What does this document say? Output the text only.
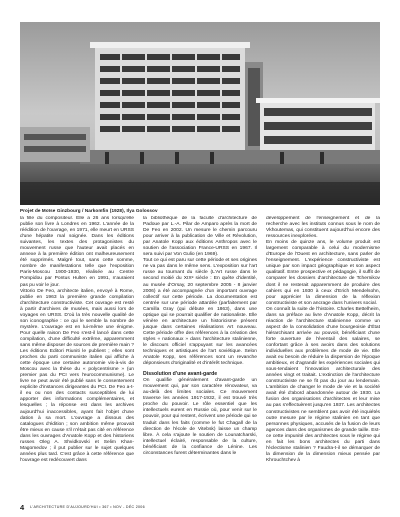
Projet de Moïse Ginzbourg / Narkomfin (1928), Ilya Golossov

la fille du compositeur. Elle a 26 ans lorsqu'elle publie son livre à Londres en 1962. L'année de la réédition de l'ouvrage, en 1971, elle meurt en URSS d'une hépatite mal soignée. Dans les éditions suivantes, les textes des protagonistes du mouvement russe que l'auteur avait placés en annexe à la première édition ont malheureusement été supprimés. Malgré tout, sans cette somme, nombre de manifestations telle que l'exposition Paris-Moscou 1900-1930, réalisée au Centre Pompidou par Pontus Hulten en 1991, n'auraient pas pu voir le jour.

Vittorio De Feo, architecte italien, envoyé à Rome, publie en 1963 la première grande compilation d'architecture constructiviste. Cet ouvrage est resté à partir d'archives de musées, mais aussi lors de voyages en URSS. D'où la très nouvelle qualité de son iconographie : ce qui le semble la nombre de mystère. L'ouvrage est en lui-même une énigme. Pour quelle raison De Feo s'est-il lancé dans cette compilation, d'une difficulté extrême, apparemment sans même disposer de sources de première main ? Les éditions Editori Riuniti le publient ; elles sont proches du parti communiste italien qui affiche à cette époque une certaine autonomie vis-à-vis de Moscou avec la thèse du « polycentrisme » (un premier pas du PCI vers l'eurocommunisme). Le livre ne peut avoir été publié sans le consentement explicite d'instances dirigeantes du PCI. De Feo a-t-il eu ou non des contacts susceptibles de lui apporter des informations complémentaires, et lesquelles ; la réponse est dans les archives aujourd'hui inaccessibles, ayant fait l'objet d'une dation à sa mort. L'ouvrage a dissous des catalogues d'édition ; son ambition même prouvait être mieux en cause s'il n'était pas cité en référence dans les ouvrages d'Anatole Kopp et des historiens russes Oleg A. Shvidkovski et Selim Khan-Magomedov ; il put publier sur le sujet quelques années plus tard. C'est grâce à cette référence que l'ouvrage est redécouvert dans

la bibliothèque de la faculté d'architecture de Padoue par L.-A. Pilar de Amparo après la mort de De Feo en 2002. Un mesure le chemin parcouru pour arriver à la publication de Ville et Révolution, par Anatole Kopp aux éditions Anthropos avec le soutien de l'association France-URSS en 1967. Il sera suivi par Von Gulio (en 1969).

Tout ce qui est paru sur cette période et ses origines ne va pas dans le même sens. L'exposition sur l'art russe au tournant du siècle (L'Art russe dans le second moitié du XIXᵉ siècle : En quête d'identité, au musée d'Orsay, 20 septembre 2005 - 8 janvier 2006) a été accompagnée d'un important ouvrage collectif sur cette période. La documentation est centrée sur une période attardée (parfaitement par Camilla Gray (qui débute en 1863), dans une optique qui se pourrait qualifier de nationaliste. Elle vénère en architecture un historicisme présent jusque dans certaines réalisations Art nouveau. Cette période offre des références à la création des styles « nationaux » dans l'architecture stalinienne, le discours officiel s'appuyant sur les avancées techniques et artistiques de l'art soviétique. Selon Anatole Kopp, ses références sont un revanche déponsieurs d'originalité et d'intérêt technique.

Dissolution d'une avant-garde

On qualifie généralement d'avant-garde un mouvement qui, par son caractère rénovateur, va au-delà des limites sociales. Ce mouvement traverse les années 1917-1932, il est trouvé très proche du pouvoir. Le rôle essentiel que les intellectuels eurent en Russie où, pour venir sur le pouvoir, pour qui restent, écrivent une période qui se traduit dans les faits (comme le fut Chagall de la direction de l'école de Vitebsk) laisse un champ libre. À cela s'ajoute le soutien de Lounatcharski, intellectuel éclairé, responsable de la culture, bénéficiant de la confiance de Lénine. Les circonstances furent déterminantes dans le

développement de l'enseignement et de la recherche avec les instituts connus sous le nom de Vkhoutemas, qui constituent aujourd'hui encore des ressources inexplorées.

En moins de quinze ans, le volume produit est largement comparable à celui du modernisme d'Europe de l'Ouest en architecture, sans parler de l'enseignement. L'expérience constructiviste est unique par son impact géographique et son aspect qualitatif. Entre prospective et pédagogie, il suffit de comparer les dossiers d'architecture de Tchernikov dont il ne resterait apparemment de produire des cahiers qui en 1930 à ceux d'Erich Mendelsohn, pour apprécier la dimension de la réflexion constructiviste et son ancrage dans l'univers social.

On connaît la suite de l'histoire. Charles Bettelheim, dans sa préface au livre d'Anatole Kopp, décrit la réaction de l'architecture stalinienne comme un aspect de la consolidation d'une bourgeoisie d'État hiérarchisant arrivée au pouvoir, bénéficiant d'une forte ouverture de l'éventail des salaires, se confortant grâce à ses avoirs dans des solutions individuelles aux problèmes de mode de vie. Elle avait eu besoin de réduire la dispersion de l'époque ambitieux, et d'agrandir les expériences sociales qui sous-tendaient l'innovation architecturale des années vingt et traitait. L'extinction de l'architecture constructiviste ne se fit pas du jour au lendemain. L'ambition de changer le mode de vie et la société avait été d'abord abandonnée autour de 1930. La fusion des organisations d'architectes et leur mise au pas s'effectuèrent jusqu'en 1937. Les architectes constructivistes ne semblent pas avoir été inquiétés outre mesure par le régime stalinien en tant que personnes physiques, accusés de la fusion de leurs agences dans des organismes de grande taille. Est-ce cette impunité des architectes sous le régime qui en fait les bons architectes du parti dans l'éclectisme stalinien ? Faudra-t-il se démarquer de la dimension de la dimension mieux pensée par Khrouchtchev à

4 L'ARCHITECTURE D'AUJOURD'HUI • 367 • NOV - DÉC 2006
